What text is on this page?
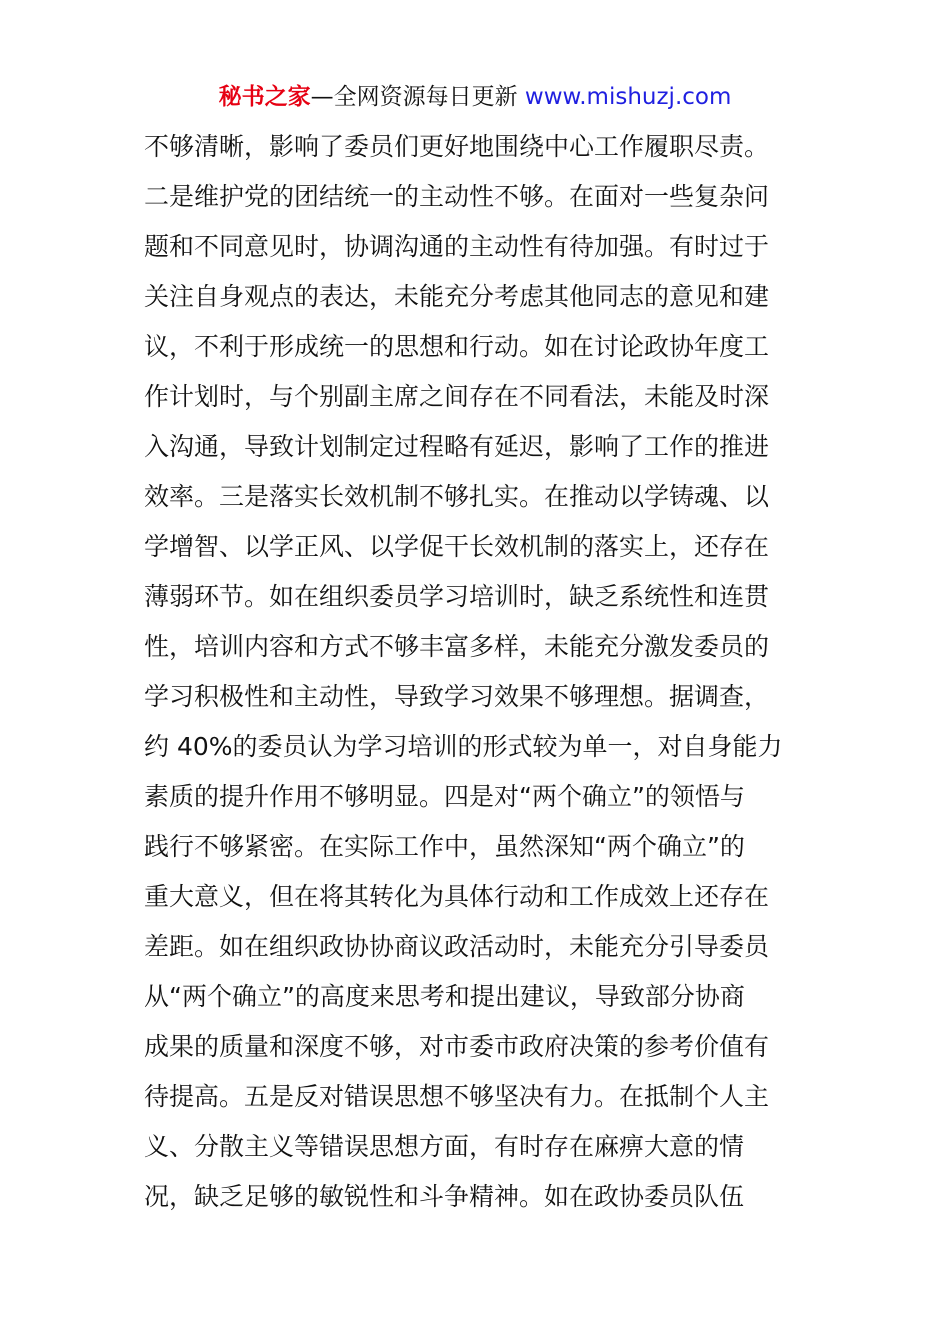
秘书之家—全网资源每日更新 www.mishuzj.com
不够清晰，影响了委员们更好地围绕中心工作履职尽责。
二是维护党的团结统一的主动性不够。在面对一些复杂问
题和不同意见时，协调沟通的主动性有待加强。有时过于
关注自身观点的表达，未能充分考虑其他同志的意见和建
议，不利于形成统一的思想和行动。如在讨论政协年度工
作计划时，与个别副主席之间存在不同看法，未能及时深
入沟通，导致计划制定过程略有延迟，影响了工作的推进
效率。三是落实长效机制不够扎实。在推动以学铸魂、以
学增智、以学正风、以学促干长效机制的落实上，还存在
薄弱环节。如在组织委员学习培训时，缺乏系统性和连贯
性，培训内容和方式不够丰富多样，未能充分激发委员的
学习积极性和主动性，导致学习效果不够理想。据调查，
约 40%的委员认为学习培训的形式较为单一，对自身能力
素质的提升作用不够明显。四是对“两个确立”的领悟与
践行不够紧密。在实际工作中，虽然深知“两个确立”的
重大意义，但在将其转化为具体行动和工作成效上还存在
差距。如在组织政协协商议政活动时，未能充分引导委员
从“两个确立”的高度来思考和提出建议，导致部分协商
成果的质量和深度不够，对市委市政府决策的参考价值有
待提高。五是反对错误思想不够坚决有力。在抵制个人主
义、分散主义等错误思想方面，有时存在麻痹大意的情
况，缺乏足够的敏锐性和斗争精神。如在政协委员队伍
